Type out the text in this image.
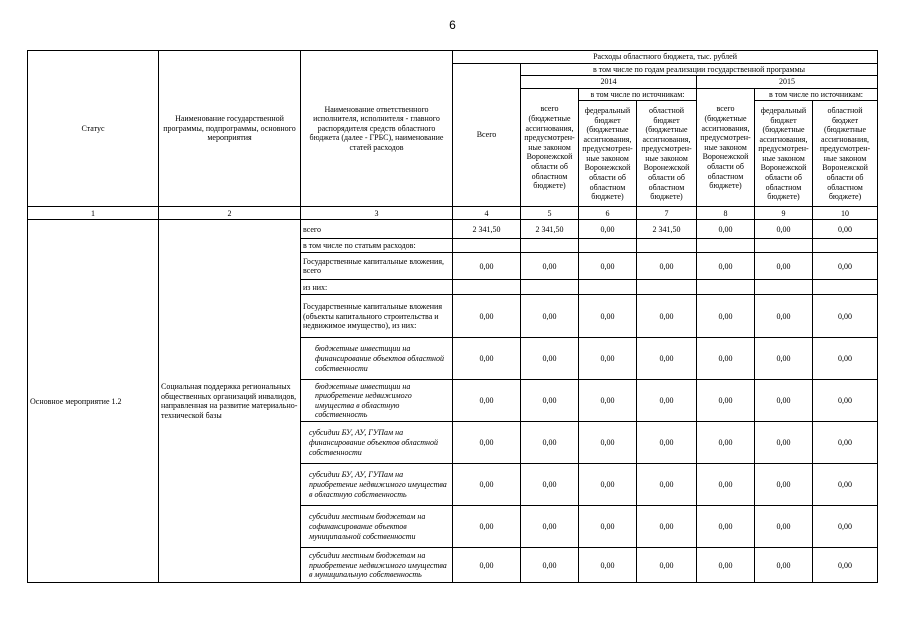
6
Статус	Наименование государственной программы, подпрограммы, основного мероприятия	Наименование ответственного исполнителя, исполнителя - главного распорядителя средств областного бюджета (далее - ГРБС), наименование статей расходов	Расходы областного бюджета, тыс. рублей						
			Всего	в том числе по годам реализации государственной программы					
				2014			2015		
				всего (бюджетные ассигнования, предусмотрен-ные законом Воронежской области об областном бюджете)	в том числе по источникам:		всего (бюджетные ассигнования, предусмотрен-ные законом Воронежской области об областном бюджете)	в том числе по источникам:	
					федеральный бюджет (бюджетные ассигнования, предусмотрен-ные законом Воронежской области об областном бюджете)	областной бюджет (бюджетные ассигнования, предусмотрен-ные законом Воронежской области об областном бюджете)		федеральный бюджет (бюджетные ассигнования, предусмотрен-ные законом Воронежской области об областном бюджете)	областной бюджет (бюджетные ассигнования, предусмотрен-ные законом Воронежской области об областном бюджете)
1	2	3	4	5	6	7	8	9	10
Основное мероприятие 1.2	Социальная поддержка региональных общественных организаций инвалидов, направленная на развитие материально-технической базы	всего	2 341,50	2 341,50	0,00	2 341,50	0,00	0,00	0,00
		в том числе по статьям расходов:							
		Государственные капитальные вложения, всего	0,00	0,00	0,00	0,00	0,00	0,00	0,00
		из них:							
		Государственные капитальные вложения (объекты капитального строительства и недвижимое имущество), из них:	0,00	0,00	0,00	0,00	0,00	0,00	0,00
		бюджетные инвестиции на финансирование объектов областной собственности	0,00	0,00	0,00	0,00	0,00	0,00	0,00
		бюджетные инвестиции на приобретение недвижимого имущества в областную собственность	0,00	0,00	0,00	0,00	0,00	0,00	0,00
		субсидии БУ, АУ, ГУПам на финансирование объектов областной собственности	0,00	0,00	0,00	0,00	0,00	0,00	0,00
		субсидии БУ, АУ, ГУПам на приобретение недвижимого имущества в областную собственность	0,00	0,00	0,00	0,00	0,00	0,00	0,00
		субсидии местным бюджетам на софинансирование объектов муниципальной собственности	0,00	0,00	0,00	0,00	0,00	0,00	0,00
		субсидии местным бюджетам на приобретение недвижимого имущества в муниципальную собственность	0,00	0,00	0,00	0,00	0,00	0,00	0,00
